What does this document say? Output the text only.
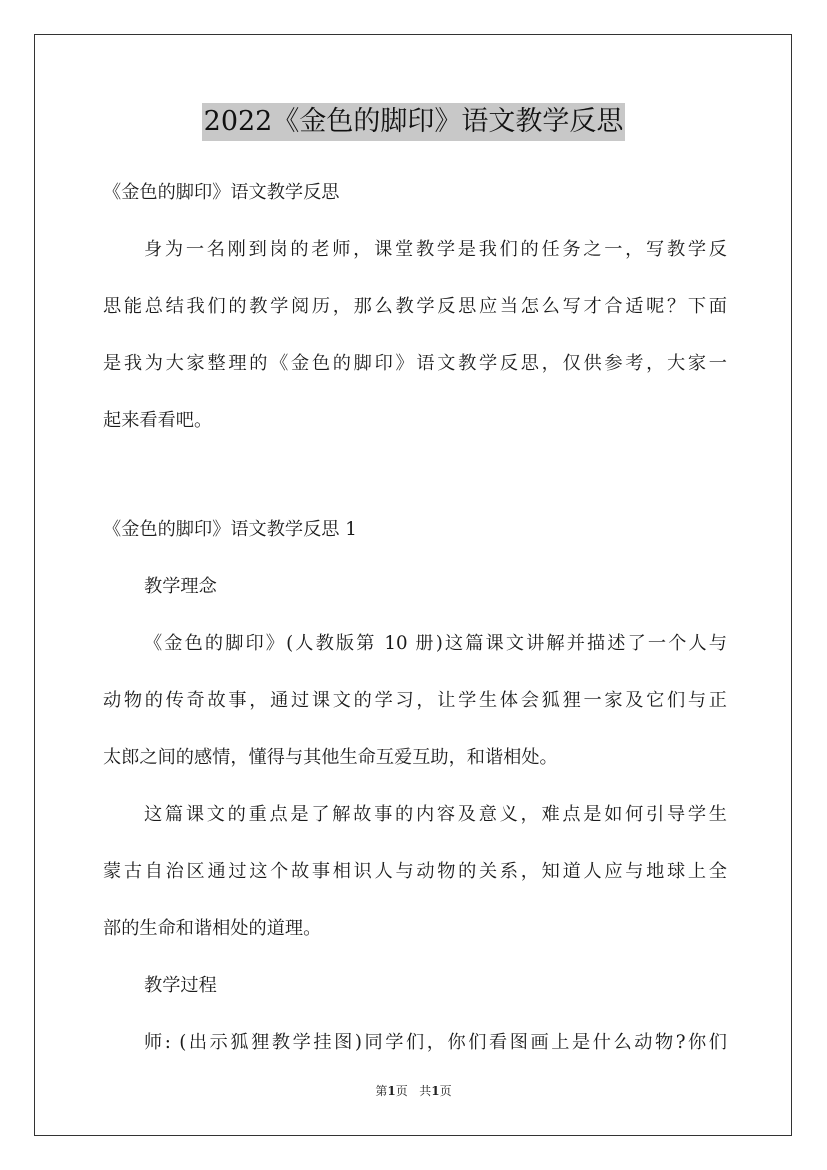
2022《金色的脚印》语文教学反思
《金色的脚印》语文教学反思
身为一名刚到岗的老师，课堂教学是我们的任务之一，写教学反
思能总结我们的教学阅历，那么教学反思应当怎么写才合适呢？下面
是我为大家整理的《金色的脚印》语文教学反思，仅供参考，大家一
起来看看吧。
《金色的脚印》语文教学反思 1
教学理念
《金色的脚印》(人教版第 10 册)这篇课文讲解并描述了一个人与
动物的传奇故事，通过课文的学习，让学生体会狐狸一家及它们与正
太郎之间的感情，懂得与其他生命互爱互助，和谐相处。
这篇课文的重点是了解故事的内容及意义，难点是如何引导学生
蒙古自治区通过这个故事相识人与动物的关系，知道人应与地球上全
部的生命和谐相处的道理。
教学过程
师: (出示狐狸教学挂图)同学们，你们看图画上是什么动物?你们
第1页 共1页
